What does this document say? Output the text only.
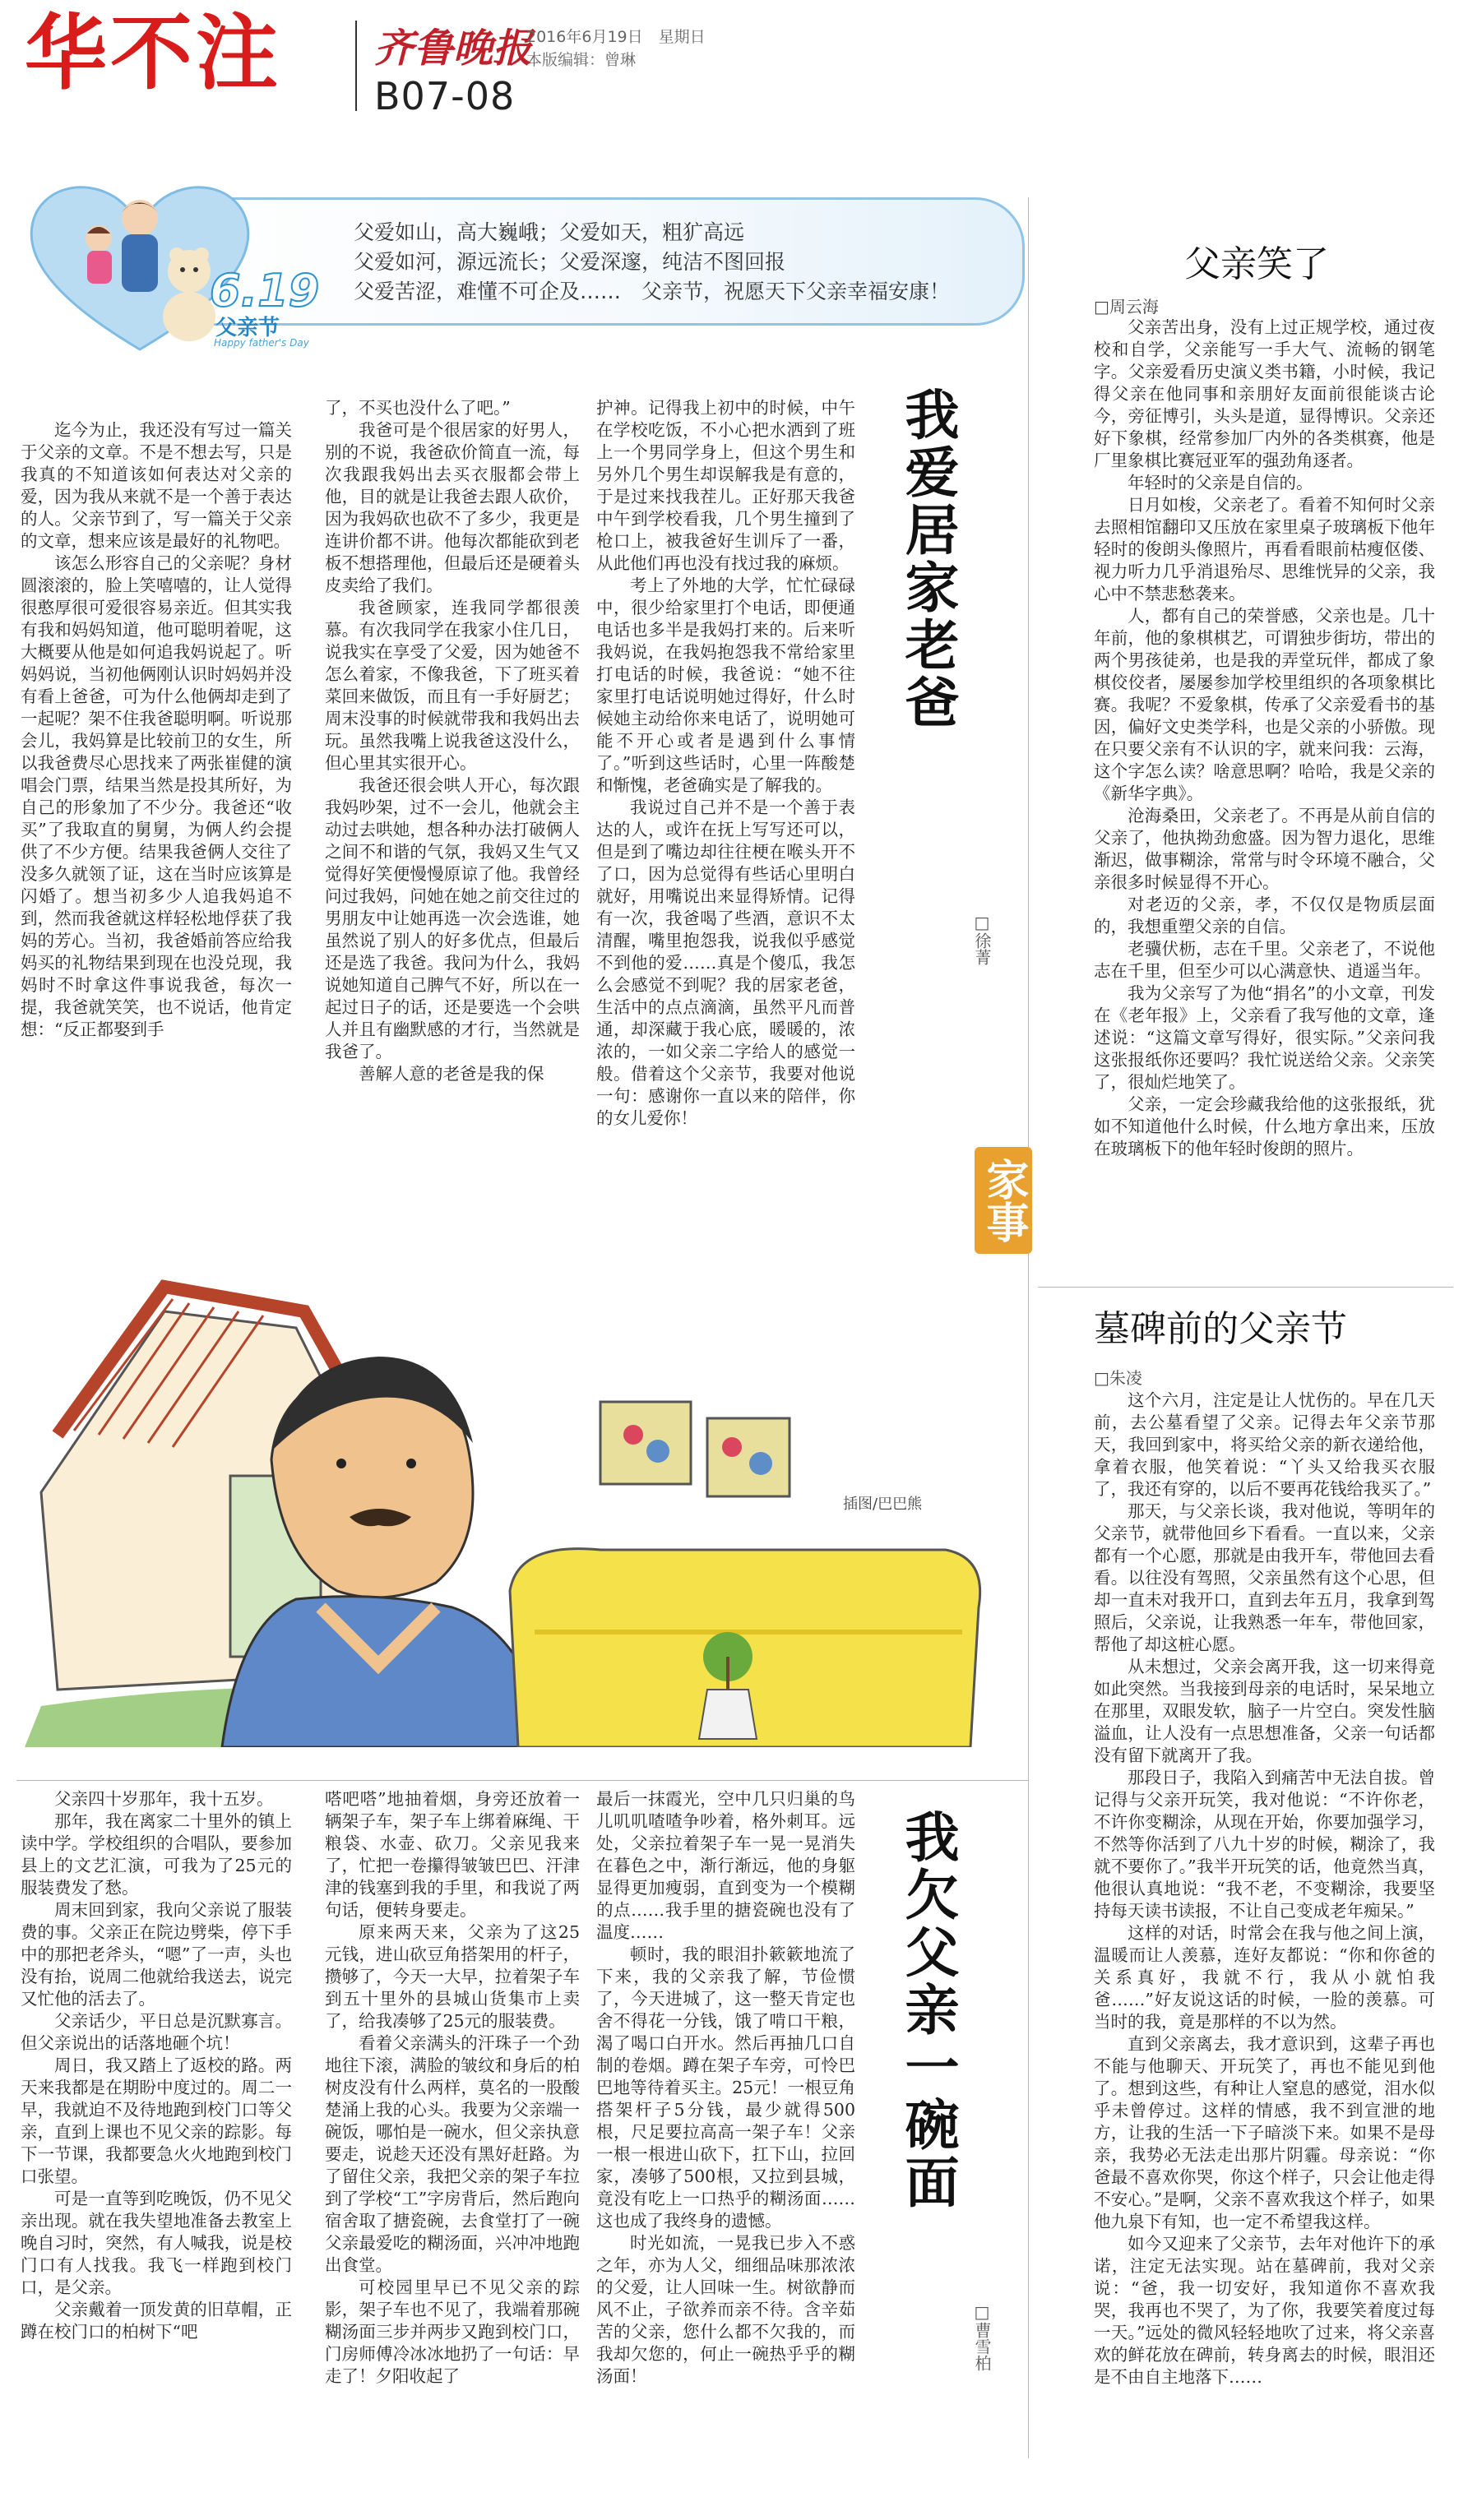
华不注 齐鲁晚报
2016年6月19日　星期日
本版编辑：曾琳
B07-08
6.19
父亲节
Happy father's Day
父爱如山，高大巍峨；父爱如天，粗犷高远
父爱如河，源远流长；父爱深邃，纯洁不图回报
父爱苦涩，难懂不可企及……　父亲节，祝愿天下父亲幸福安康！

迄今为止，我还没有写过一篇关于父亲的文章。不是不想去写，只是我真的不知道该如何表达对父亲的爱，因为我从来就不是一个善于表达的人。父亲节到了，写一篇关于父亲的文章，想来应该是最好的礼物吧。

该怎么形容自己的父亲呢？身材圆滚滚的，脸上笑嘻嘻的，让人觉得很憨厚很可爱很容易亲近。但其实我有我和妈妈知道，他可聪明着呢，这大概要从他是如何追我妈说起了。听妈妈说，当初他俩刚认识时妈妈并没有看上爸爸，可为什么他俩却走到了一起呢？架不住我爸聪明啊。听说那会儿，我妈算是比较前卫的女生，所以我爸费尽心思找来了两张崔健的演唱会门票，结果当然是投其所好，为自己的形象加了不少分。我爸还“收买”了我取直的舅舅，为俩人约会提供了不少方便。结果我爸俩人交往了没多久就领了证，这在当时应该算是闪婚了。想当初多少人追我妈追不到，然而我爸就这样轻松地俘获了我妈的芳心。当初，我爸婚前答应给我妈买的礼物结果到现在也没兑现，我妈时不时拿这件事说我爸，每次一提，我爸就笑笑，也不说话，他肯定想：“反正都娶到手

了，不买也没什么了吧。”

我爸可是个很居家的好男人，别的不说，我爸砍价简直一流，每次我跟我妈出去买衣服都会带上他，目的就是让我爸去跟人砍价，因为我妈砍也砍不了多少，我更是连讲价都不讲。他每次都能砍到老板不想搭理他，但最后还是硬着头皮卖给了我们。

我爸顾家，连我同学都很羡慕。有次我同学在我家小住几日，说我实在享受了父爱，因为她爸不怎么着家，不像我爸，下了班买着菜回来做饭，而且有一手好厨艺；周末没事的时候就带我和我妈出去玩。虽然我嘴上说我爸这没什么，但心里其实很开心。

我爸还很会哄人开心，每次跟我妈吵架，过不一会儿，他就会主动过去哄她，想各种办法打破俩人之间不和谐的气氛，我妈又生气又觉得好笑便慢慢原谅了他。我曾经问过我妈，问她在她之前交往过的男朋友中让她再选一次会选谁，她虽然说了别人的好多优点，但最后还是选了我爸。我问为什么，我妈说她知道自己脾气不好，所以在一起过日子的话，还是要选一个会哄人并且有幽默感的才行，当然就是我爸了。

善解人意的老爸是我的保

护神。记得我上初中的时候，中午在学校吃饭，不小心把水洒到了班上一个男同学身上，但这个男生和另外几个男生却误解我是有意的，于是过来找我茬儿。正好那天我爸中午到学校看我，几个男生撞到了枪口上，被我爸好生训斥了一番，从此他们再也没有找过我的麻烦。

考上了外地的大学，忙忙碌碌中，很少给家里打个电话，即便通电话也多半是我妈打来的。后来听我妈说，在我妈抱怨我不常给家里打电话的时候，我爸说：“她不往家里打电话说明她过得好，什么时候她主动给你来电话了，说明她可能不开心或者是遇到什么事情了。”听到这些话时，心里一阵酸楚和惭愧，老爸确实是了解我的。

我说过自己并不是一个善于表达的人，或许在抚上写写还可以，但是到了嘴边却往往梗在喉头开不了口，因为总觉得有些话心里明白就好，用嘴说出来显得矫情。记得有一次，我爸喝了些酒，意识不太清醒，嘴里抱怨我，说我似乎感觉不到他的爱……真是个傻瓜，我怎么会感觉不到呢？我的居家老爸，生活中的点点滴滴，虽然平凡而普通，却深藏于我心底，暖暖的，浓浓的，一如父亲二字给人的感觉一般。借着这个父亲节，我要对他说一句：感谢你一直以来的陪伴，你的女儿爱你！

我爱居家老爸
□徐菁
家事
插图/巴巴熊
父亲笑了
□周云海

父亲苦出身，没有上过正规学校，通过夜校和自学，父亲能写一手大气、流畅的钢笔字。父亲爱看历史演义类书籍，小时候，我记得父亲在他同事和亲朋好友面前很能谈古论今，旁征博引，头头是道，显得博识。父亲还好下象棋，经常参加厂内外的各类棋赛，他是厂里象棋比赛冠亚军的强劲角逐者。

年轻时的父亲是自信的。

日月如梭，父亲老了。看着不知何时父亲去照相馆翻印又压放在家里桌子玻璃板下他年轻时的俊朗头像照片，再看看眼前枯瘦伛偻、视力听力几乎消退殆尽、思维恍异的父亲，我心中不禁悲愁袭来。

人，都有自己的荣誉感，父亲也是。几十年前，他的象棋棋艺，可谓独步街坊，带出的两个男孩徒弟，也是我的弄堂玩伴，都成了象棋佼佼者，屡屡参加学校里组织的各项象棋比赛。我呢？不爱象棋，传承了父亲爱看书的基因，偏好文史类学科，也是父亲的小骄傲。现在只要父亲有不认识的字，就来问我：云海，这个字怎么读？啥意思啊？哈哈，我是父亲的《新华字典》。

沧海桑田，父亲老了。不再是从前自信的父亲了，他执拗劲愈盛。因为智力退化，思维渐迟，做事糊涂，常常与时令环境不融合，父亲很多时候显得不开心。

对老迈的父亲，孝，不仅仅是物质层面的，我想重塑父亲的自信。

老骥伏枥，志在千里。父亲老了，不说他志在千里，但至少可以心满意快、逍遥当年。

我为父亲写了为他“捐名”的小文章，刊发在《老年报》上，父亲看了我写他的文章，逢述说：“这篇文章写得好，很实际。”父亲问我这张报纸你还要吗？我忙说送给父亲。父亲笑了，很灿烂地笑了。

父亲，一定会珍藏我给他的这张报纸，犹如不知道他什么时候，什么地方拿出来，压放在玻璃板下的他年轻时俊朗的照片。

墓碑前的父亲节
□朱凌

这个六月，注定是让人忧伤的。早在几天前，去公墓看望了父亲。记得去年父亲节那天，我回到家中，将买给父亲的新衣递给他，拿着衣服，他笑着说：“丫头又给我买衣服了，我还有穿的，以后不要再花钱给我买了。”

那天，与父亲长谈，我对他说，等明年的父亲节，就带他回乡下看看。一直以来，父亲都有一个心愿，那就是由我开车，带他回去看看。以往没有驾照，父亲虽然有这个心思，但却一直未对我开口，直到去年五月，我拿到驾照后，父亲说，让我熟悉一年车，带他回家，帮他了却这桩心愿。

从未想过，父亲会离开我，这一切来得竟如此突然。当我接到母亲的电话时，呆呆地立在那里，双眼发软，脑子一片空白。突发性脑溢血，让人没有一点思想准备，父亲一句话都没有留下就离开了我。

那段日子，我陷入到痛苦中无法自拔。曾记得与父亲开玩笑，我对他说：“不许你老，不许你变糊涂，从现在开始，你要加强学习，不然等你活到了八九十岁的时候，糊涂了，我就不要你了。”我半开玩笑的话，他竟然当真，他很认真地说：“我不老，不变糊涂，我要坚持每天读书读报，不让自己变成老年痴呆。”

这样的对话，时常会在我与他之间上演，温暖而让人羡慕，连好友都说：“你和你爸的关系真好，我就不行，我从小就怕我爸……”好友说这话的时候，一脸的羡慕。可当时的我，竟是那样的不以为然。

直到父亲离去，我才意识到，这辈子再也不能与他聊天、开玩笑了，再也不能见到他了。想到这些，有种让人窒息的感觉，泪水似乎未曾停过。这样的情感，我不到宣泄的地方，让我的生活一下子暗淡下来。如果不是母亲，我势必无法走出那片阴霾。母亲说：“你爸最不喜欢你哭，你这个样子，只会让他走得不安心。”是啊，父亲不喜欢我这个样子，如果他九泉下有知，也一定不希望我这样。

如今又迎来了父亲节，去年对他许下的承诺，注定无法实现。站在墓碑前，我对父亲说：“爸，我一切安好，我知道你不喜欢我哭，我再也不哭了，为了你，我要笑着度过每一天。”远处的微风轻轻地吹了过来，将父亲喜欢的鲜花放在碑前，转身离去的时候，眼泪还是不由自主地落下……

父亲四十岁那年，我十五岁。

那年，我在离家二十里外的镇上读中学。学校组织的合唱队，要参加县上的文艺汇演，可我为了25元的服装费发了愁。

周末回到家，我向父亲说了服装费的事。父亲正在院边劈柴，停下手中的那把老斧头，“嗯”了一声，头也没有抬，说周二他就给我送去，说完又忙他的活去了。

父亲话少，平日总是沉默寡言。但父亲说出的话落地砸个坑！

周日，我又踏上了返校的路。两天来我都是在期盼中度过的。周二一早，我就迫不及待地跑到校门口等父亲，直到上课也不见父亲的踪影。每下一节课，我都要急火火地跑到校门口张望。

可是一直等到吃晚饭，仍不见父亲出现。就在我失望地准备去教室上晚自习时，突然，有人喊我，说是校门口有人找我。我飞一样跑到校门口，是父亲。

父亲戴着一顶发黄的旧草帽，正蹲在校门口的柏树下“吧

嗒吧嗒”地抽着烟，身旁还放着一辆架子车，架子车上绑着麻绳、干粮袋、水壶、砍刀。父亲见我来了，忙把一卷攥得皱皱巴巴、汗津津的钱塞到我的手里，和我说了两句话，便转身要走。

原来两天来，父亲为了这25元钱，进山砍豆角搭架用的杆子，攒够了，今天一大早，拉着架子车到五十里外的县城山货集市上卖了，给我凑够了25元的服装费。

看着父亲满头的汗珠子一个劲地往下滚，满脸的皱纹和身后的柏树皮没有什么两样，莫名的一股酸楚涌上我的心头。我要为父亲端一碗饭，哪怕是一碗水，但父亲执意要走，说趁天还没有黑好赶路。为了留住父亲，我把父亲的架子车拉到了学校“工”字房背后，然后跑向宿舍取了搪瓷碗，去食堂打了一碗父亲最爱吃的糊汤面，兴冲冲地跑出食堂。

可校园里早已不见父亲的踪影，架子车也不见了，我端着那碗糊汤面三步并两步又跑到校门口，门房师傅冷冰冰地扔了一句话：早走了！夕阳收起了

最后一抹霞光，空中几只归巢的鸟儿叽叽喳喳争吵着，格外刺耳。远处，父亲拉着架子车一晃一晃消失在暮色之中，渐行渐远，他的身躯显得更加瘦弱，直到变为一个模糊的点……我手里的搪瓷碗也没有了温度……

顿时，我的眼泪扑簌簌地流了下来，我的父亲我了解，节俭惯了，今天进城了，这一整天肯定也舍不得花一分钱，饿了啃口干粮，渴了喝口白开水。然后再抽几口自制的卷烟。蹲在架子车旁，可怜巴巴地等待着买主。25元！一根豆角搭架杆子5分钱，最少就得500根，尺足要拉高高一架子车！父亲一根一根进山砍下，扛下山，拉回家，凑够了500根，又拉到县城，竟没有吃上一口热乎的糊汤面……这也成了我终身的遗憾。

时光如流，一晃我已步入不惑之年，亦为人父，细细品味那浓浓的父爱，让人回味一生。树欲静而风不止，子欲养而亲不待。含辛茹苦的父亲，您什么都不欠我的，而我却欠您的，何止一碗热乎乎的糊汤面！

我欠父亲一碗面
□曹雪柏
